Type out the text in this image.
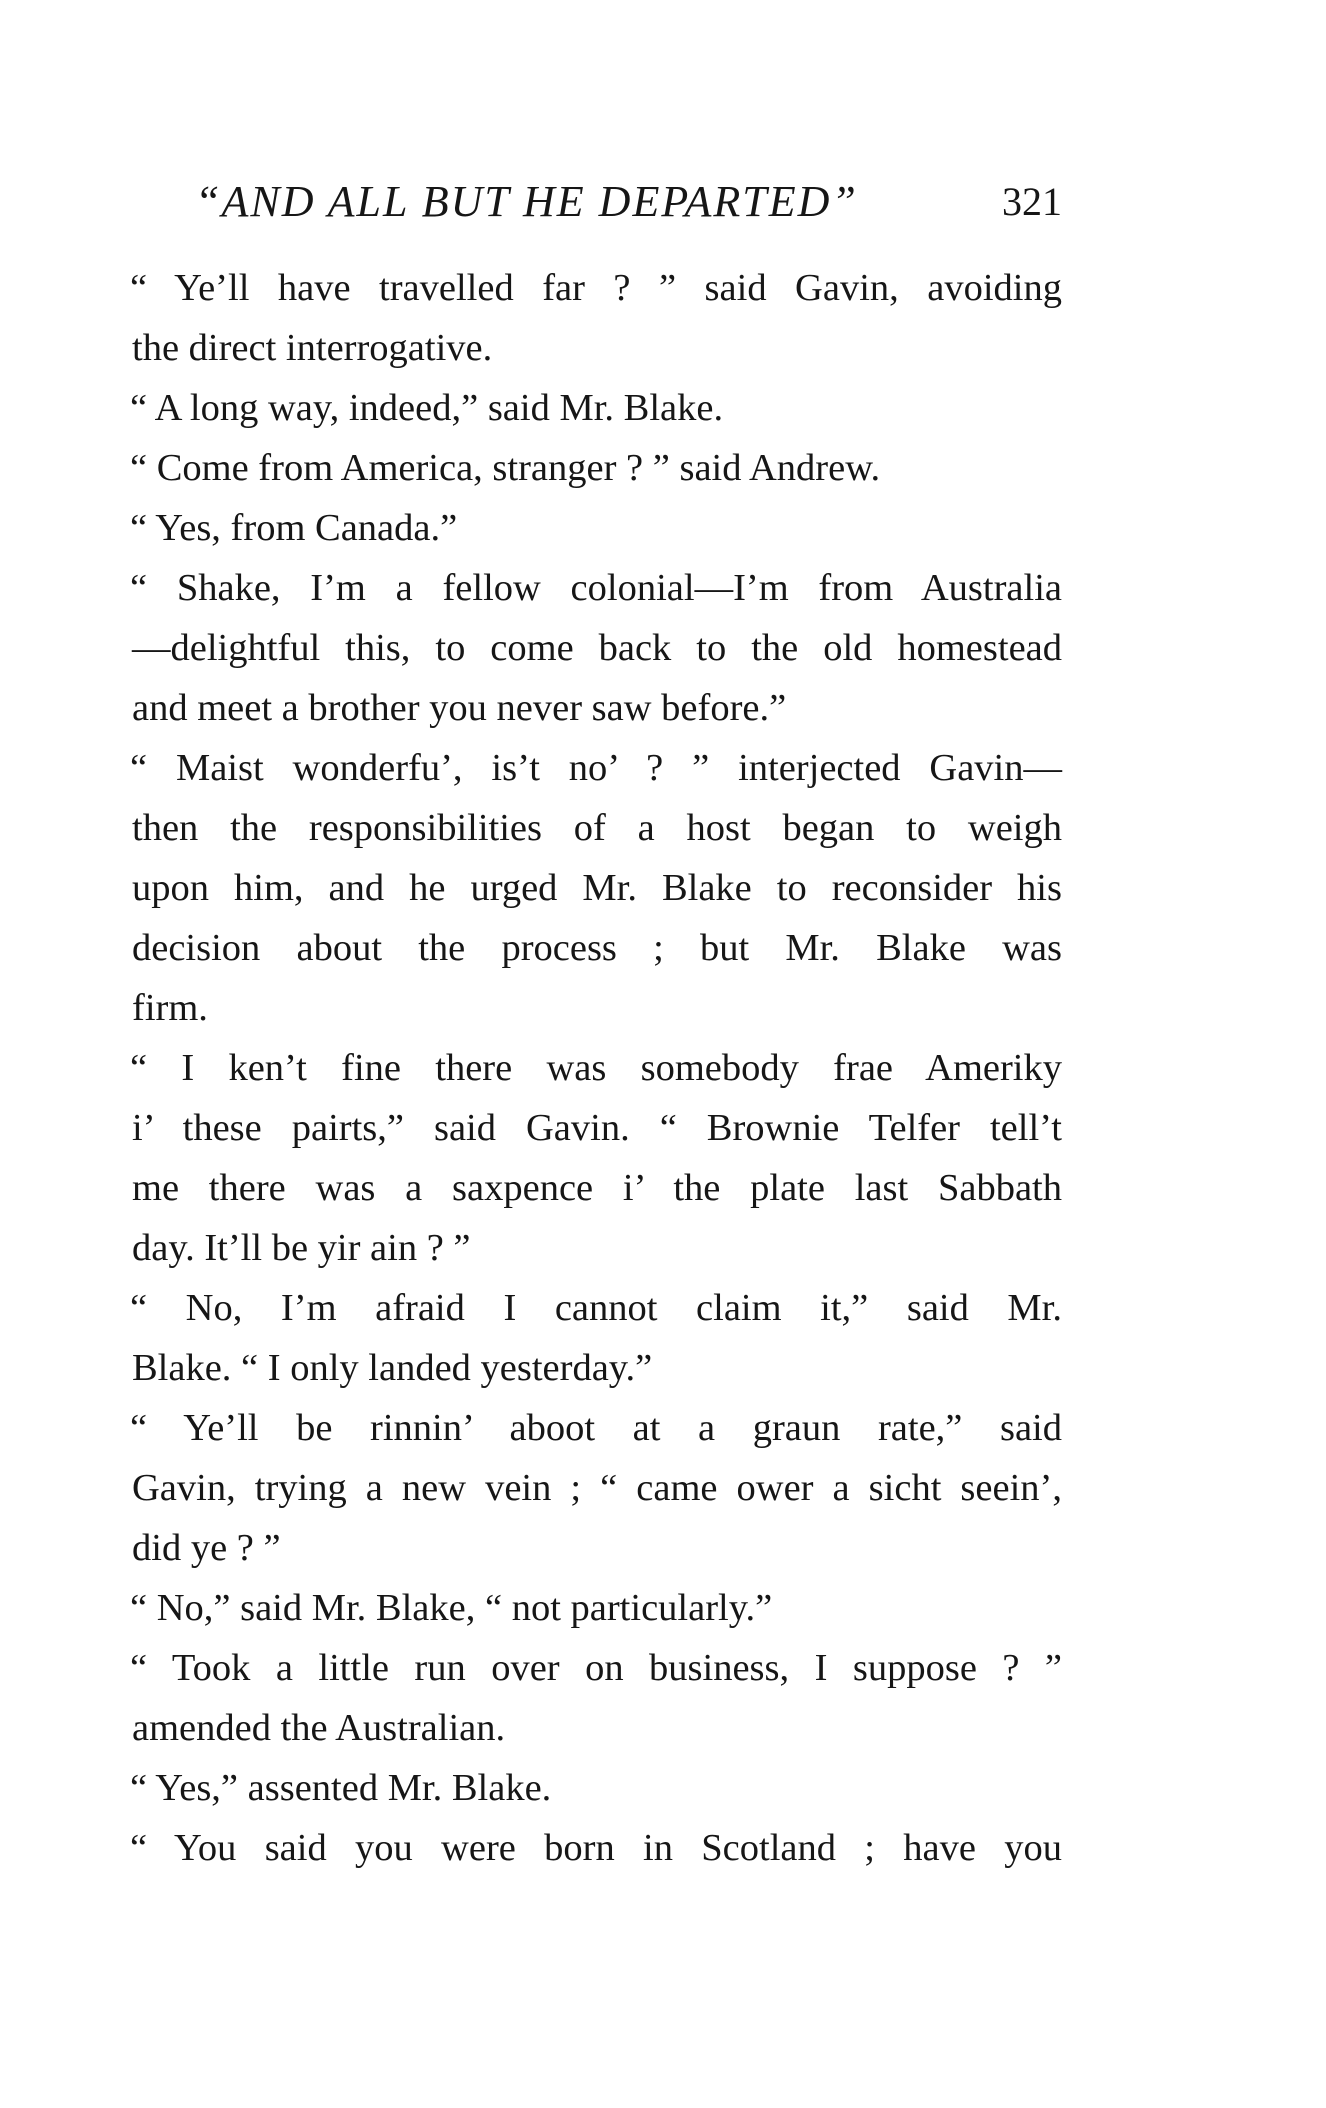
“AND ALL BUT HE DEPARTED”	321
“ Ye’ll have travelled far ? ” said Gavin, avoiding
the direct interrogative.
“ A long way, indeed,” said Mr. Blake.
“ Come from America, stranger ? ” said Andrew.
“ Yes, from Canada.”
“ Shake, I’m a fellow colonial—I’m from Australia
—delightful this, to come back to the old homestead
and meet a brother you never saw before.”
“ Maist wonderfu’, is’t no’ ? ” interjected Gavin—
then the responsibilities of a host began to weigh
upon him, and he urged Mr. Blake to reconsider his
decision about the process ; but Mr. Blake was
firm.
“ I ken’t fine there was somebody frae Ameriky
i’ these pairts,” said Gavin. “ Brownie Telfer tell’t
me there was a saxpence i’ the plate last Sabbath
day. It’ll be yir ain ? ”
“ No, I’m afraid I cannot claim it,” said Mr.
Blake. “ I only landed yesterday.”
“ Ye’ll be rinnin’ aboot at a graun rate,” said
Gavin, trying a new vein ; “ came ower a sicht seein’,
did ye ? ”
“ No,” said Mr. Blake, “ not particularly.”
“ Took a little run over on business, I suppose ? ”
amended the Australian.
“ Yes,” assented Mr. Blake.
“ You said you were born in Scotland ; have you
